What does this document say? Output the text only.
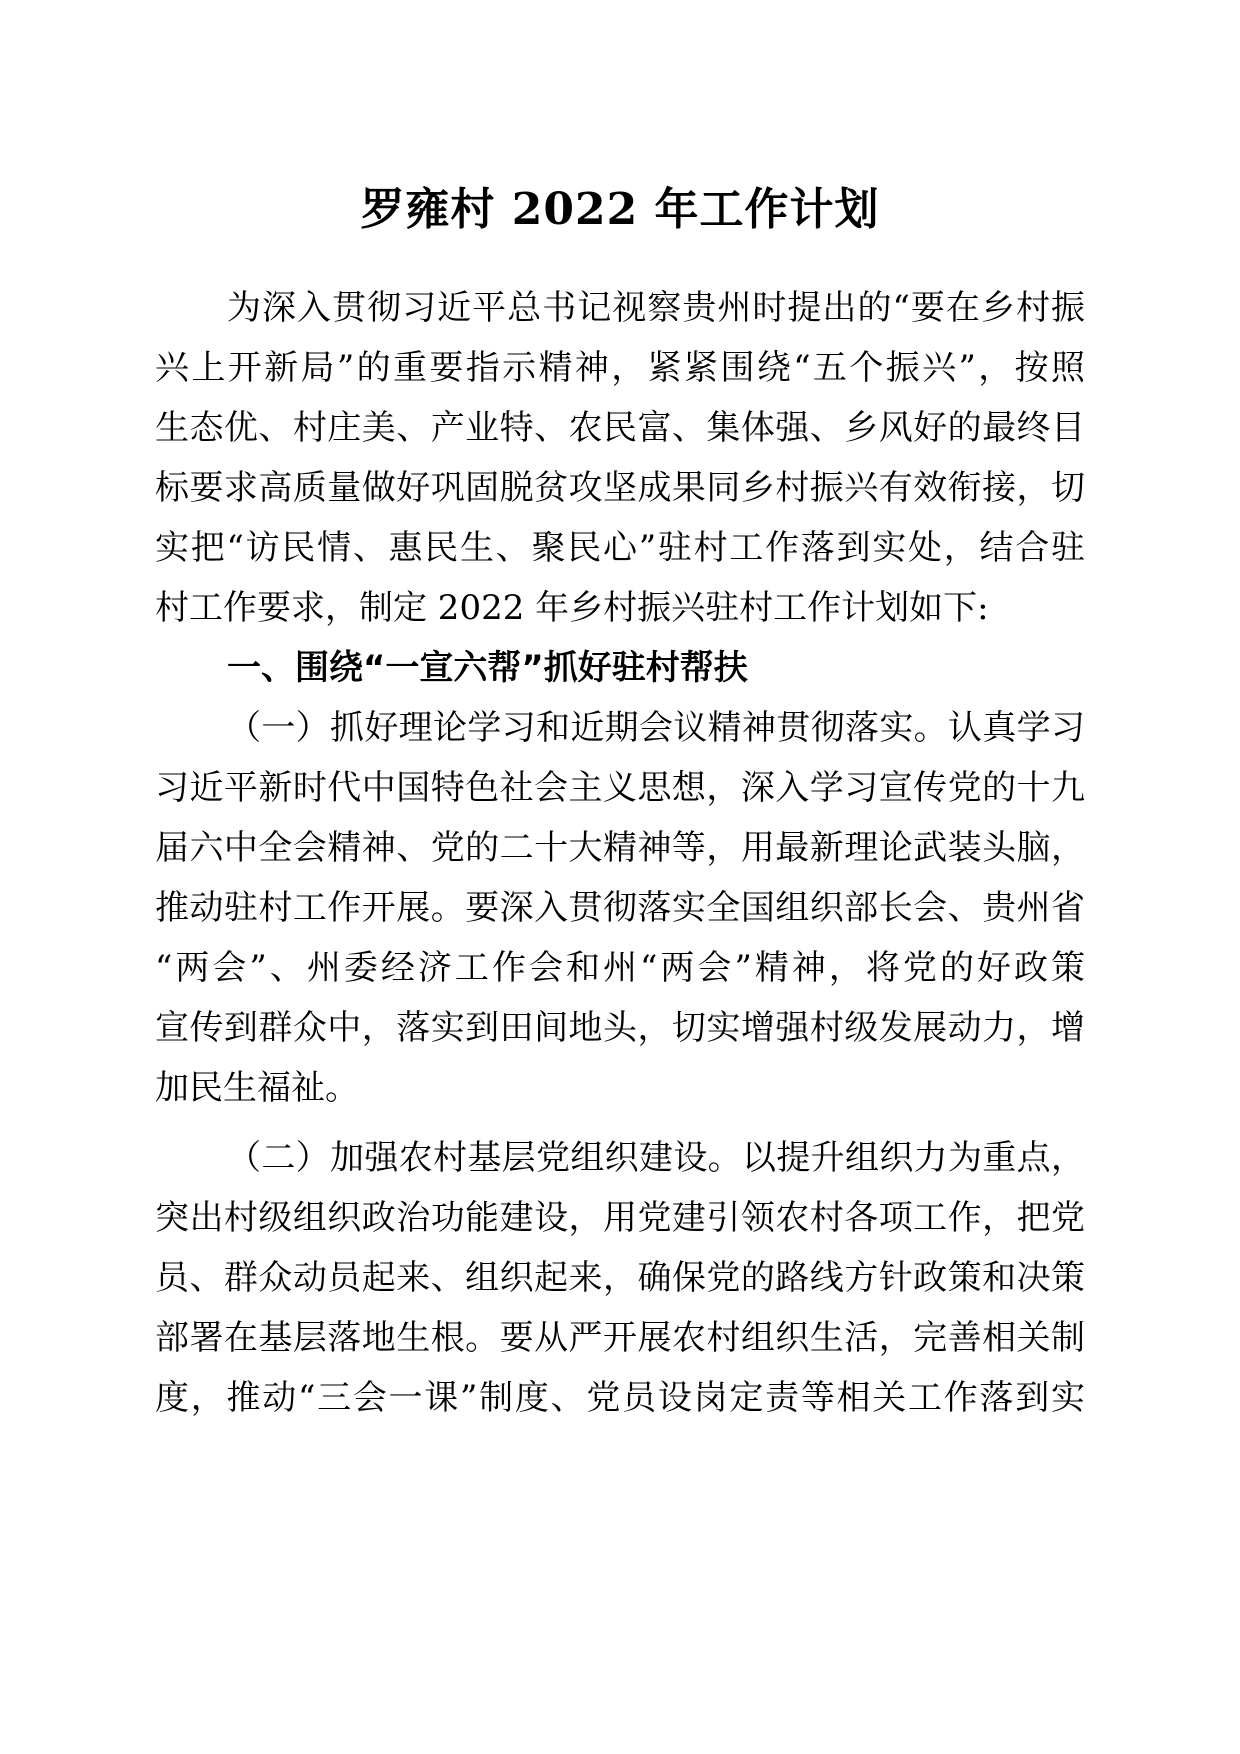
罗雍村 2022 年工作计划
为深入贯彻习近平总书记视察贵州时提出的“要在乡村振
兴上开新局”的重要指示精神，紧紧围绕“五个振兴”，按照
生态优、村庄美、产业特、农民富、集体强、乡风好的最终目
标要求高质量做好巩固脱贫攻坚成果同乡村振兴有效衔接，切
实把“访民情、惠民生、聚民心”驻村工作落到实处，结合驻
村工作要求，制定 2022 年乡村振兴驻村工作计划如下:
一、围绕“一宣六帮”抓好驻村帮扶
（一）抓好理论学习和近期会议精神贯彻落实。认真学习
习近平新时代中国特色社会主义思想，深入学习宣传党的十九
届六中全会精神、党的二十大精神等，用最新理论武装头脑，
推动驻村工作开展。要深入贯彻落实全国组织部长会、贵州省
“两会”、州委经济工作会和州“两会”精神，将党的好政策
宣传到群众中，落实到田间地头，切实增强村级发展动力，增
加民生福祉。
（二）加强农村基层党组织建设。以提升组织力为重点，
突出村级组织政治功能建设，用党建引领农村各项工作，把党
员、群众动员起来、组织起来，确保党的路线方针政策和决策
部署在基层落地生根。要从严开展农村组织生活，完善相关制
度，推动“三会一课”制度、党员设岗定责等相关工作落到实
